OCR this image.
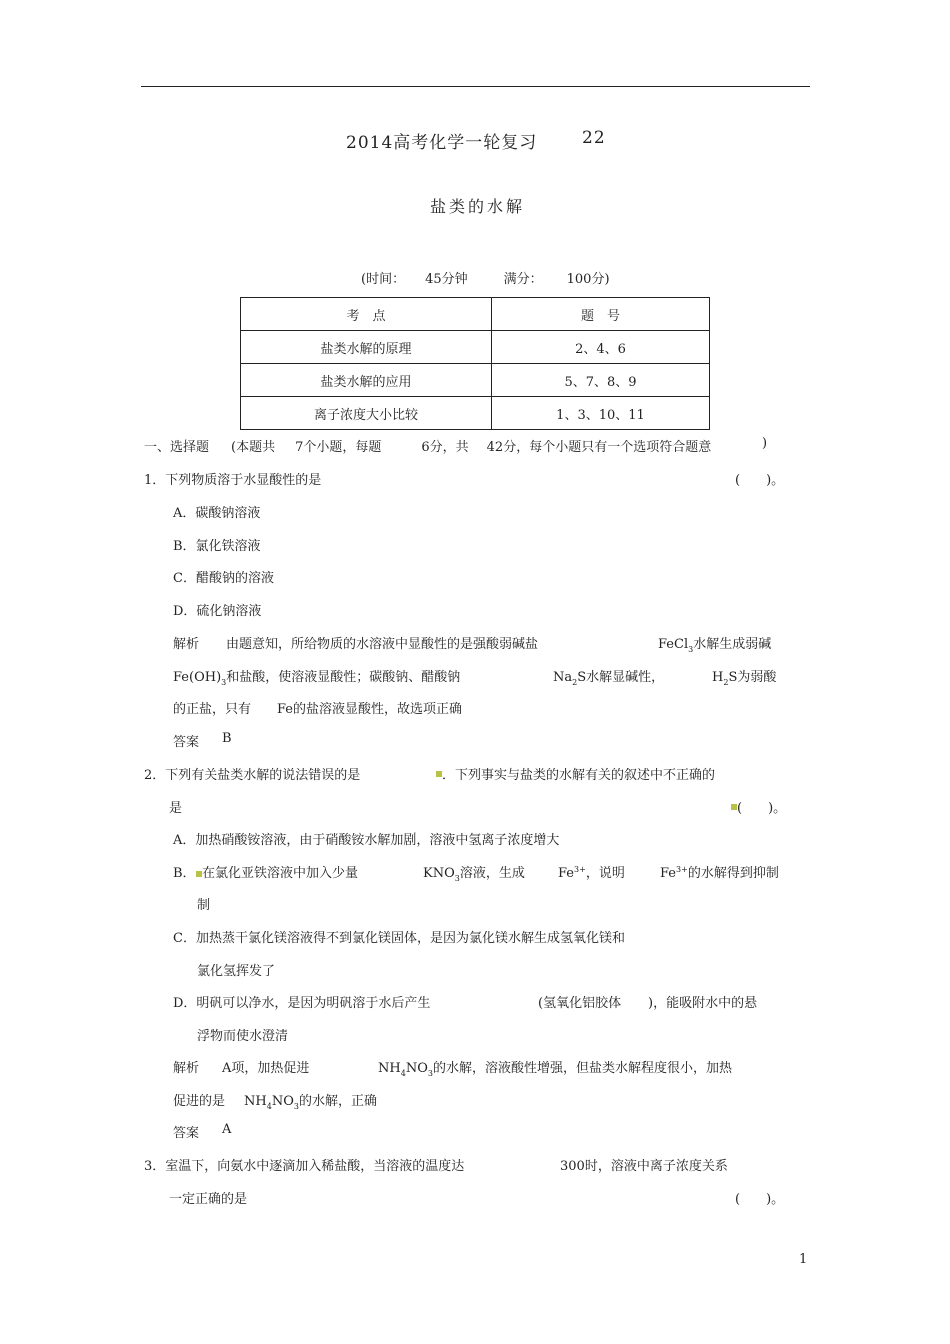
2014高考化学一轮复习	22
盐类的水解
(时间： 45分钟	满分： 100分)
考　点	题　号
盐类水解的原理	2、4、6
盐类水解的应用	5、7、8、9
离子浓度大小比较	1、3、10、11
一、选择题 (本题共 7个小题，每题	6分，共 42分，每个小题只有一个选项符合题意	)
1．下列物质溶于水显酸性的是	(　　)。
A．碳酸钠溶液
B．氯化铁溶液
C．醋酸钠的溶液
D．硫化钠溶液
解析 由题意知，所给物质的水溶液中显酸性的是强酸弱碱盐	FeCl$_3$水解生成弱碱
$Fe(OH)_3$和盐酸，使溶液显酸性；碳酸钠、醋酸钠	$Na_2S$水解显碱性，	$H_2S$为弱酸
的正盐，只有 Fe的盐溶液显酸性，故选项正确
答案 B
2．下列有关盐类水解的说法错误的是	．下列事实与盐类的水解有关的叙述中不正确的
是　　	(　　)。
A．加热硝酸铵溶液，由于硝酸铵水解加剧，溶液中氢离子浓度增大
B． 在氯化亚铁溶液中加入少量	$KNO_3$溶液，生成	$Fe^{3+}$，说明	$Fe^{3+}$的水解得到抑制
制
C．加热蒸干氯化镁溶液得不到氯化镁固体，是因为氯化镁水解生成氢氧化镁和
氯化氢挥发了
D．明矾可以净水，是因为明矾溶于水后产生	(氢氧化铝胶体 )，能吸附水中的悬
浮物而使水澄清
解析 A项，加热促进	$NH_4NO_3$的水解，溶液酸性增强，但盐类水解程度很小，加热
促进的是 $NH_4NO_3$的水解，正确
答案 A
3．室温下，向氨水中逐滴加入稀盐酸，当溶液的温度达	300时，溶液中离子浓度关系
一定正确的是　　	(　　)。
1
